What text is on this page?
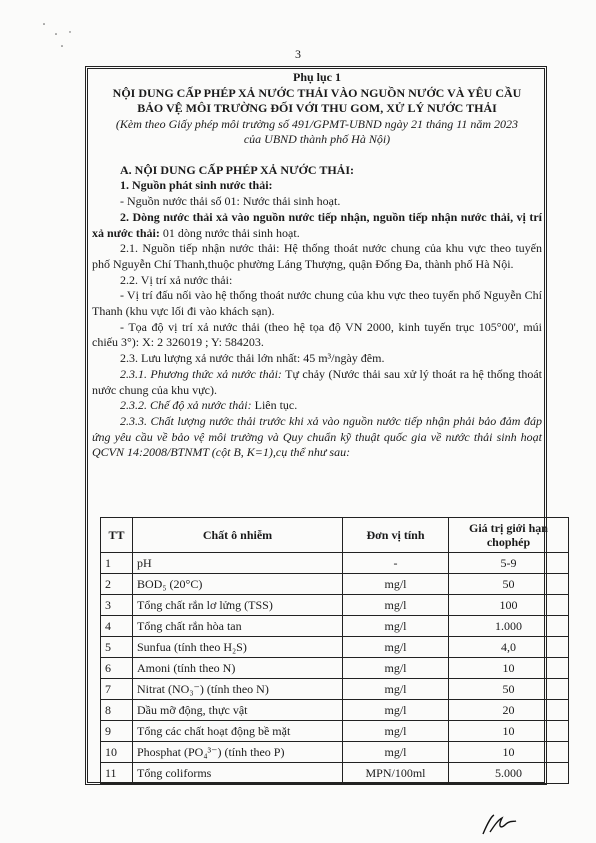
3
Phụ lục 1
NỘI DUNG CẤP PHÉP XẢ NƯỚC THẢI VÀO NGUỒN NƯỚC VÀ YÊU CẦU
BẢO VỆ MÔI TRƯỜNG ĐỐI VỚI THU GOM, XỬ LÝ NƯỚC THẢI
(Kèm theo Giấy phép môi trường số 491/GPMT-UBND ngày 21 tháng 11 năm 2023
của UBND thành phố Hà Nội)
A. NỘI DUNG CẤP PHÉP XẢ NƯỚC THẢI:

1. Nguồn phát sinh nước thải:

- Nguồn nước thải số 01: Nước thải sinh hoạt.

2. Dòng nước thải xả vào nguồn nước tiếp nhận, nguồn tiếp nhận nước thải, vị trí xả nước thải: 01 dòng nước thải sinh hoạt.

2.1. Nguồn tiếp nhận nước thải: Hệ thống thoát nước chung của khu vực theo tuyến phố Nguyễn Chí Thanh,thuộc phường Láng Thượng, quận Đống Đa, thành phố Hà Nội.

2.2. Vị trí xả nước thải:

- Vị trí đấu nối vào hệ thống thoát nước chung của khu vực theo tuyến phố Nguyễn Chí Thanh (khu vực lối đi vào khách sạn).

- Tọa độ vị trí xả nước thải (theo hệ tọa độ VN 2000, kinh tuyến trục 105°00', múi chiếu 3°): X: 2 326019 ; Y: 584203.

2.3. Lưu lượng xả nước thải lớn nhất: 45 m³/ngày đêm.

2.3.1. Phương thức xả nước thải: Tự chảy (Nước thải sau xử lý thoát ra hệ thống thoát nước chung của khu vực).

2.3.2. Chế độ xả nước thải: Liên tục.

2.3.3. Chất lượng nước thải trước khi xả vào nguồn nước tiếp nhận phải bảo đảm đáp ứng yêu cầu về bảo vệ môi trường và Quy chuẩn kỹ thuật quốc gia về nước thải sinh hoạt QCVN 14:2008/BTNMT (cột B, K=1),cụ thể như sau:

TT	Chất ô nhiễm	Đơn vị tính	Giá trị giới hạn chophép
1	pH	-	5-9
2	BOD₅ (20°C)	mg/l	50
3	Tổng chất rắn lơ lửng (TSS)	mg/l	100
4	Tổng chất rắn hòa tan	mg/l	1.000
5	Sunfua (tính theo H₂S)	mg/l	4,0
6	Amoni (tính theo N)	mg/l	10
7	Nitrat (NO₃⁻) (tính theo N)	mg/l	50
8	Dầu mỡ động, thực vật	mg/l	20
9	Tổng các chất hoạt động bề mặt	mg/l	10
10	Phosphat (PO₄³⁻) (tính theo P)	mg/l	10
11	Tổng coliforms	MPN/100ml	5.000
